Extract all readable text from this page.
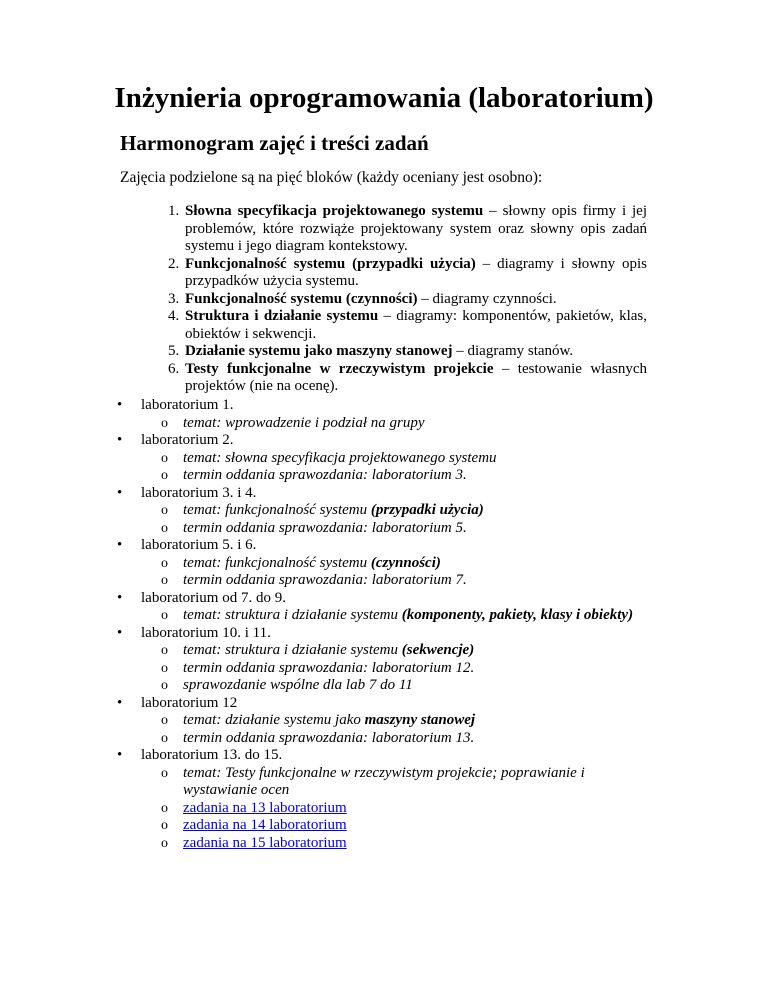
Inżynieria oprogramowania (laboratorium)
Harmonogram zajęć i treści zadań

Zajęcia podzielone są na pięć bloków (każdy oceniany jest osobno):

1. Słowna specyfikacja projektowanego systemu – słowny opis firmy i jej problemów, które rozwiąże projektowany system oraz słowny opis zadań systemu i jego diagram kontekstowy.
2. Funkcjonalność systemu (przypadki użycia) – diagramy i słowny opis przypadków użycia systemu.
3. Funkcjonalność systemu (czynności) – diagramy czynności.
4. Struktura i działanie systemu – diagramy: komponentów, pakietów, klas, obiektów i sekwencji.
5. Działanie systemu jako maszyny stanowej – diagramy stanów.
6. Testy funkcjonalne w rzeczywistym projekcie – testowanie własnych projektów (nie na ocenę).
• laboratorium 1.
o temat: wprowadzenie i podział na grupy
• laboratorium 2.
o temat: słowna specyfikacja projektowanego systemu
o termin oddania sprawozdania: laboratorium 3.
• laboratorium 3. i 4.
o temat: funkcjonalność systemu (przypadki użycia)
o termin oddania sprawozdania: laboratorium 5.
• laboratorium 5. i 6.
o temat: funkcjonalność systemu (czynności)
o termin oddania sprawozdania: laboratorium 7.
• laboratorium od 7. do 9.
o temat: struktura i działanie systemu (komponenty, pakiety, klasy i obiekty)
• laboratorium 10. i 11.
o temat: struktura i działanie systemu (sekwencje)
o termin oddania sprawozdania: laboratorium 12.
o sprawozdanie wspólne dla lab 7 do 11
• laboratorium 12
o temat: działanie systemu jako maszyny stanowej
o termin oddania sprawozdania: laboratorium 13.
• laboratorium 13. do 15.
o temat: Testy funkcjonalne w rzeczywistym projekcie; poprawianie i wystawianie ocen
o zadania na 13 laboratorium
o zadania na 14 laboratorium
o zadania na 15 laboratorium
